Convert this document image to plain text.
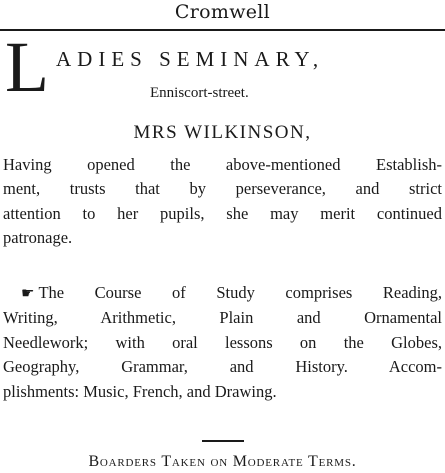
Cromwell
L ADIES SEMINARY,
Enniscort-street.
MRS WILKINSON,
Having opened the above-mentioned Establish-
ment, trusts that by perseverance, and strict
attention to her pupils, she may merit continued
patronage.
☛ The Course of Study comprises Reading,
Writing, Arithmetic, Plain and Ornamental
Needlework; with oral lessons on the Globes,
Geography, Grammar, and History. Accom-
plishments: Music, French, and Drawing.
Boarders Taken on Moderate Terms.
